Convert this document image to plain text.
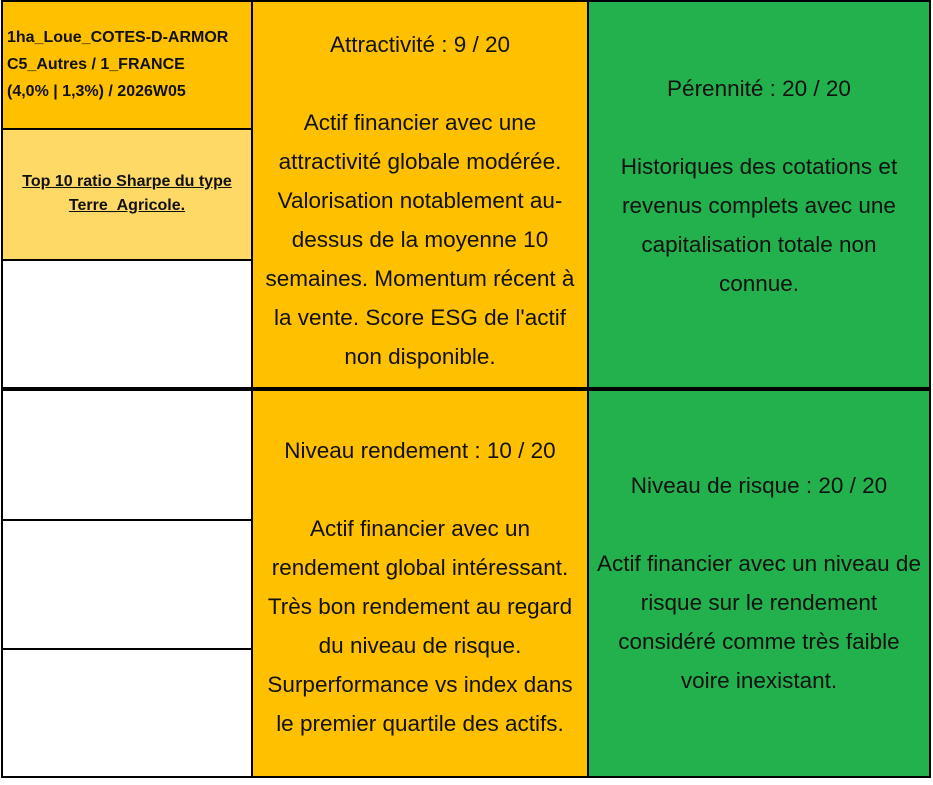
1ha_Loue_COTES-D-ARMOR
C5_Autres / 1_FRANCE
(4,0% | 1,3%) / 2026W05
Top 10 ratio Sharpe du type
Terre_Agricole.
Attractivité : 9 / 20
Actif financier avec une
attractivité globale modérée.
Valorisation notablement au-
dessus de la moyenne 10
semaines. Momentum récent à
la vente. Score ESG de l'actif
non disponible.
Niveau rendement : 10 / 20
Actif financier avec un
rendement global intéressant.
Très bon rendement au regard
du niveau de risque.
Surperformance vs index dans
le premier quartile des actifs.
Pérennité : 20 / 20
Historiques des cotations et
revenus complets avec une
capitalisation totale non
connue.
Niveau de risque : 20 / 20
Actif financier avec un niveau de
risque sur le rendement
considéré comme très faible
voire inexistant.
